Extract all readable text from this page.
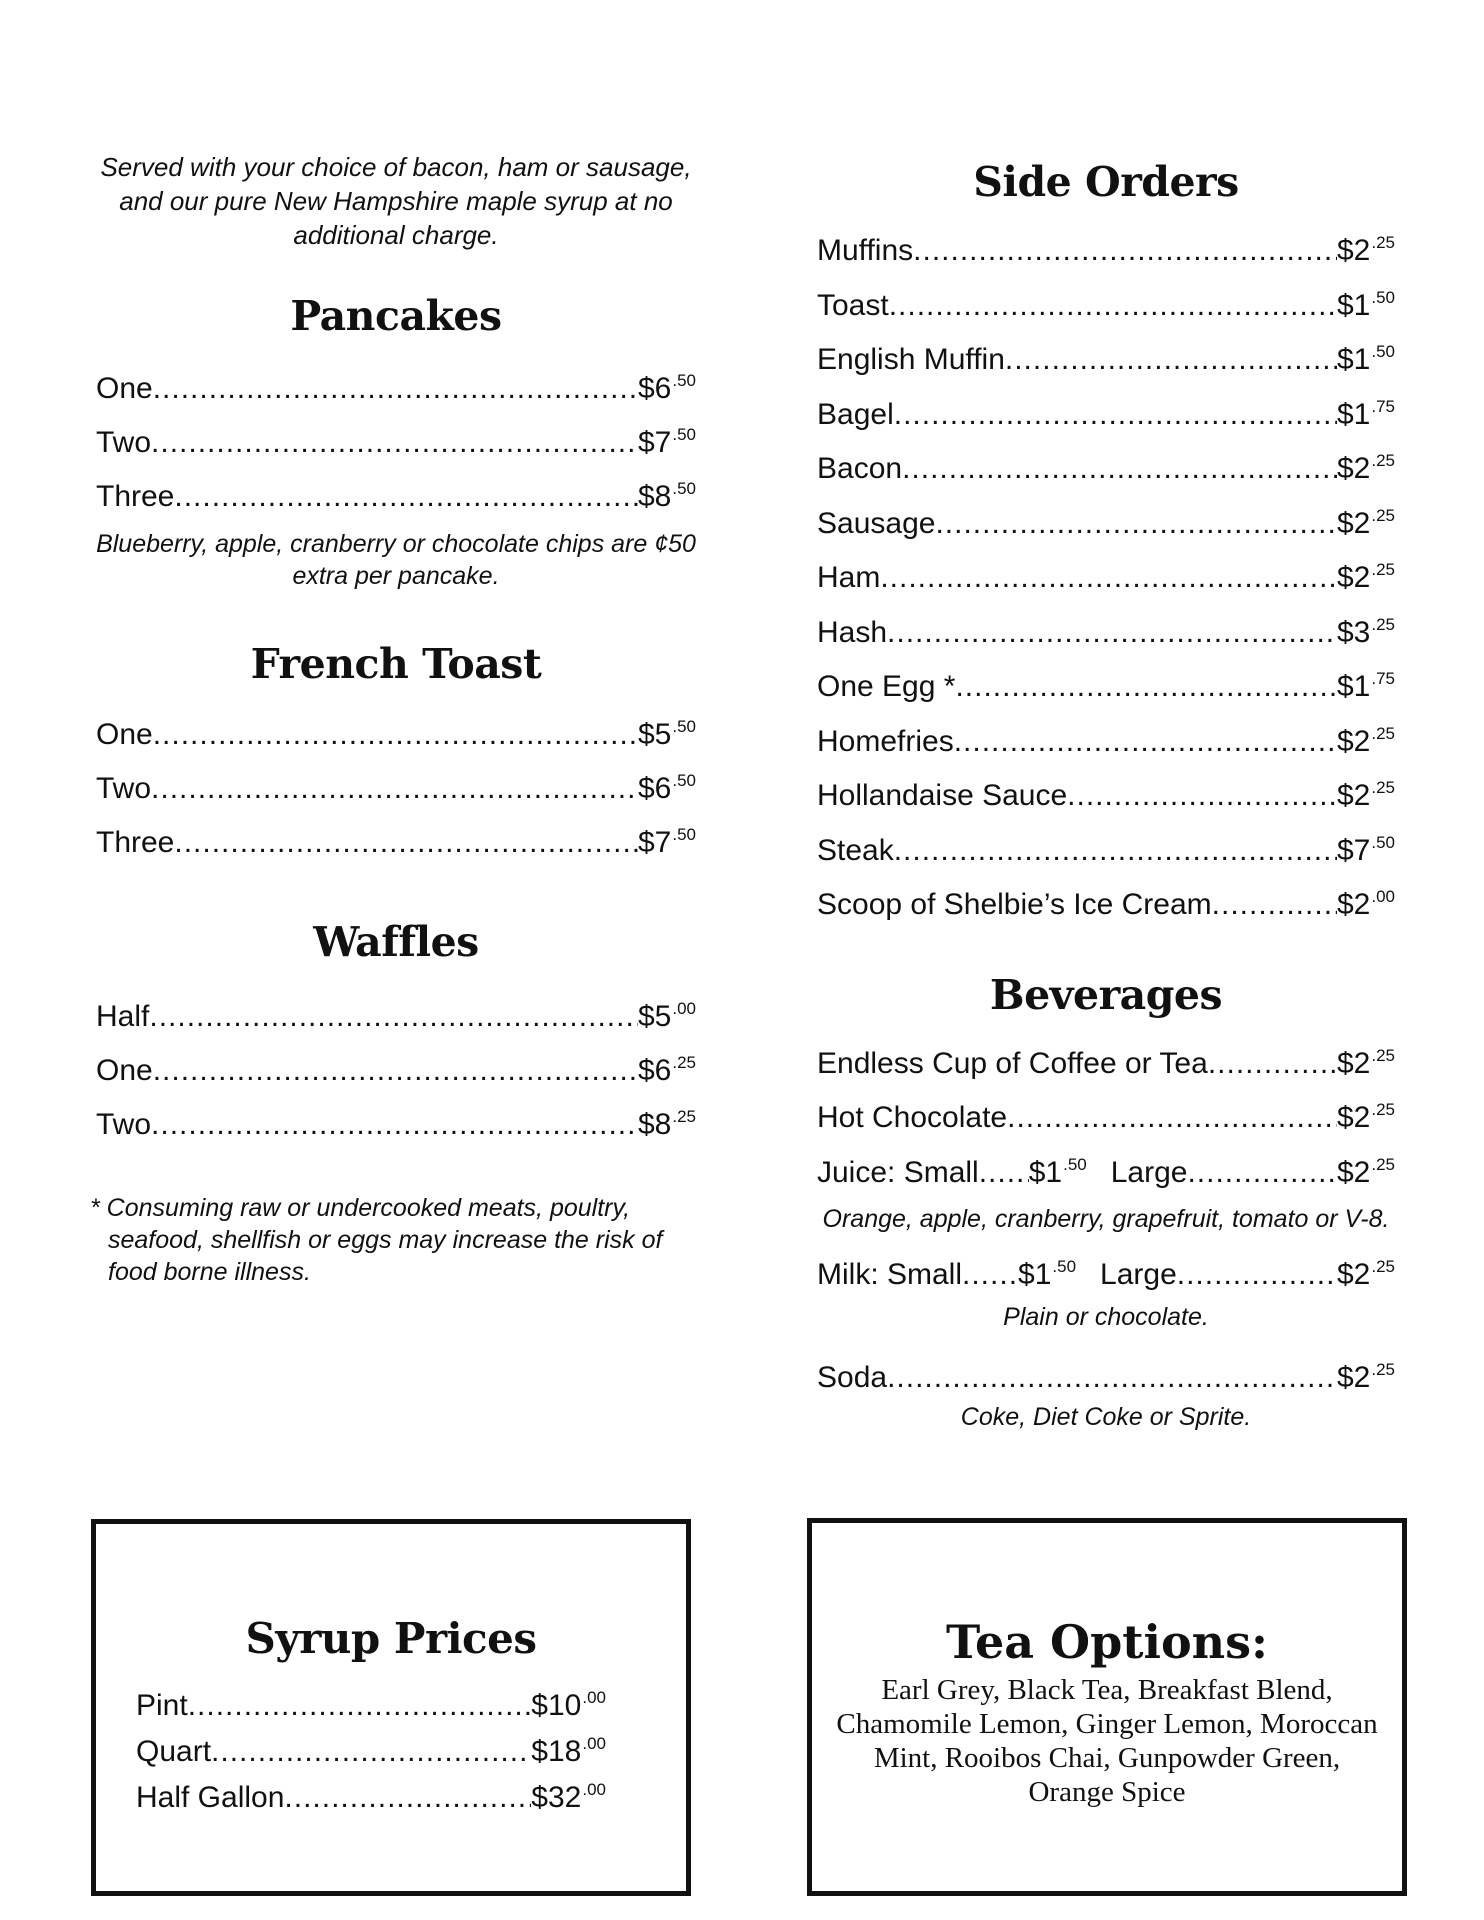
Served with your choice of bacon, ham or sausage, and our pure New Hampshire maple syrup at no additional charge.

Pancakes
One .....	$\$6^{.50}$
Two .....	$\$7^{.50}$
Three .....	$\$8^{.50}$

Blueberry, apple, cranberry or chocolate chips are ¢50 extra per pancake.

French Toast
One .....	$\$5^{.50}$
Two .....	$\$6^{.50}$
Three .....	$\$7^{.50}$
Waffles
Half .....	$\$5^{.00}$
One .....	$\$6^{.25}$
Two .....	$\$8^{.25}$

* Consuming raw or undercooked meats, poultry, seafood, shellfish or eggs may increase the risk of food borne illness.

Side Orders
Muffins .....	$\$2^{.25}$
Toast .....	$\$1^{.50}$
English Muffin .....	$\$1^{.50}$
Bagel .....	$\$1^{.75}$
Bacon .....	$\$2^{.25}$
Sausage .....	$\$2^{.25}$
Ham .....	$\$2^{.25}$
Hash .....	$\$3^{.25}$
One Egg * .....	$\$1^{.75}$
Homefries .....	$\$2^{.25}$
Hollandaise Sauce .....	$\$2^{.25}$
Steak .....	$\$7^{.50}$
Scoop of Shelbie’s Ice Cream .....	$\$2^{.00}$
Beverages
Endless Cup of Coffee or Tea .....	$\$2^{.25}$
Hot Chocolate .....	$\$2^{.25}$
Juice: Small ..... $\$1^{.50}$ Large .....	$\$2^{.25}$

Orange, apple, cranberry, grapefruit, tomato or V-8.

Milk: Small ..... $\$1^{.50}$ Large .....	$\$2^{.25}$

Plain or chocolate.

Soda .....	$\$2^{.25}$

Coke, Diet Coke or Sprite.

Syrup Prices
Pint .....	$\$10^{.00}$
Quart .....	$\$18^{.00}$
Half Gallon .....	$\$32^{.00}$
Tea Options:

Earl Grey, Black Tea, Breakfast Blend, Chamomile Lemon, Ginger Lemon, Moroccan Mint, Rooibos Chai, Gunpowder Green, Orange Spice
